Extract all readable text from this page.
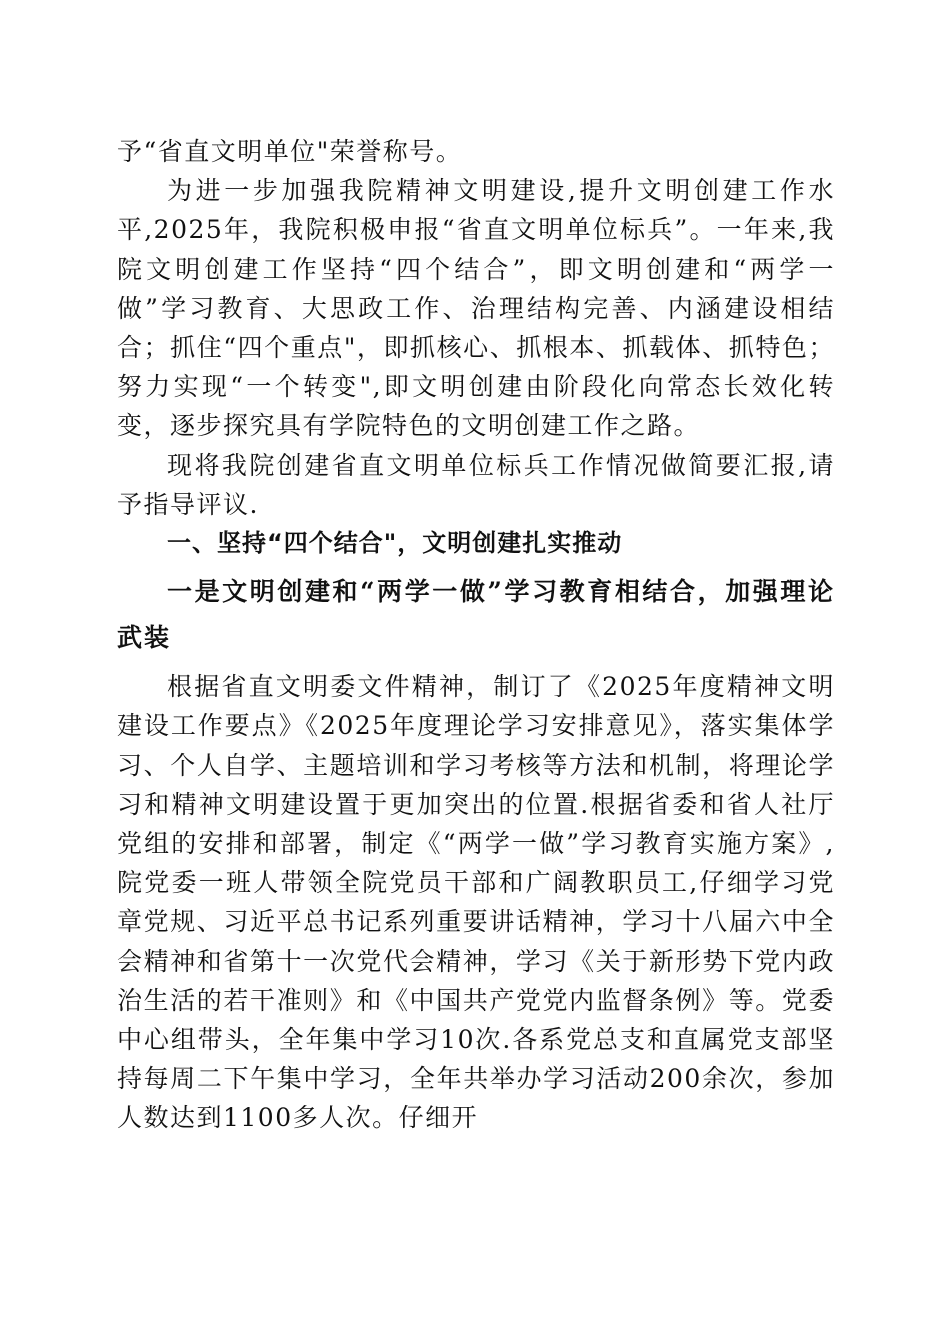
予“省直文明单位"荣誉称号。

为进一步加强我院精神文明建设,提升文明创建工作水平,2025年，我院积极申报“省直文明单位标兵”。一年来,我院文明创建工作坚持“四个结合”，即文明创建和“两学一做”学习教育、大思政工作、治理结构完善、内涵建设相结合；抓住“四个重点"，即抓核心、抓根本、抓载体、抓特色；努力实现“一个转变",即文明创建由阶段化向常态长效化转变，逐步探究具有学院特色的文明创建工作之路。

现将我院创建省直文明单位标兵工作情况做简要汇报,请予指导评议.

一、坚持“四个结合"，文明创建扎实推动

一是文明创建和“两学一做”学习教育相结合，加强理论武装

根据省直文明委文件精神，制订了《2025年度精神文明建设工作要点》《2025年度理论学习安排意见》，落实集体学习、个人自学、主题培训和学习考核等方法和机制，将理论学习和精神文明建设置于更加突出的位置.根据省委和省人社厅党组的安排和部署，制定《“两学一做”学习教育实施方案》,院党委一班人带领全院党员干部和广阔教职员工,仔细学习党章党规、习近平总书记系列重要讲话精神，学习十八届六中全会精神和省第十一次党代会精神，学习《关于新形势下党内政治生活的若干准则》和《中国共产党党内监督条例》等。党委中心组带头，全年集中学习10次.各系党总支和直属党支部坚持每周二下午集中学习，全年共举办学习活动200余次，参加人数达到1100多人次。仔细开
